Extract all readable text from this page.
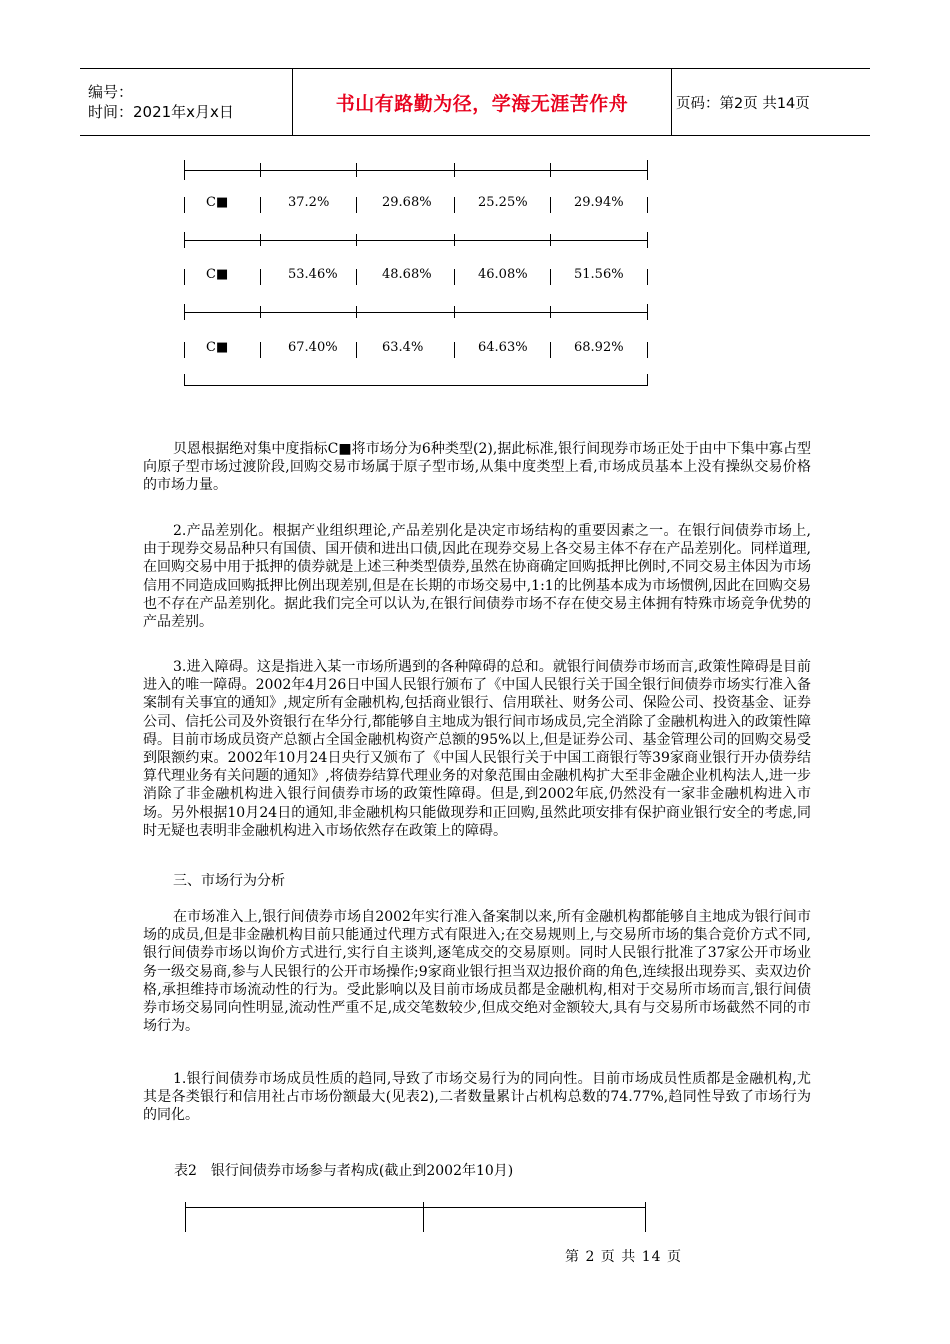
编号：
时间：2021年x月x日	书山有路勤为径，学海无涯苦作舟	页码：第2页 共14页
C■	37.2%	29.68%	25.25%	29.94%
C■	53.46%	48.68%	46.08%	51.56%
C■	67.40%	63.4%	64.63%	68.92%

贝恩根据绝对集中度指标C■将市场分为6种类型(2),据此标准,银行间现券市场正处于由中下集中寡占型向原子型市场过渡阶段,回购交易市场属于原子型市场,从集中度类型上看,市场成员基本上没有操纵交易价格的市场力量。

2.产品差别化。根据产业组织理论,产品差别化是决定市场结构的重要因素之一。在银行间债券市场上,由于现券交易品种只有国债、国开债和进出口债,因此在现券交易上各交易主体不存在产品差别化。同样道理,在回购交易中用于抵押的债券就是上述三种类型债券,虽然在协商确定回购抵押比例时,不同交易主体因为市场信用不同造成回购抵押比例出现差别,但是在长期的市场交易中,1:1的比例基本成为市场惯例,因此在回购交易也不存在产品差别化。据此我们完全可以认为,在银行间债券市场不存在使交易主体拥有特殊市场竞争优势的产品差别。

3.进入障碍。这是指进入某一市场所遇到的各种障碍的总和。就银行间债券市场而言,政策性障碍是目前进入的唯一障碍。2002年4月26日中国人民银行颁布了《中国人民银行关于国全银行间债券市场实行准入备案制有关事宜的通知》,规定所有金融机构,包括商业银行、信用联社、财务公司、保险公司、投资基金、证券公司、信托公司及外资银行在华分行,都能够自主地成为银行间市场成员,完全消除了金融机构进入的政策性障碍。目前市场成员资产总额占全国金融机构资产总额的95%以上,但是证券公司、基金管理公司的回购交易受到限额约束。2002年10月24日央行又颁布了《中国人民银行关于中国工商银行等39家商业银行开办债券结算代理业务有关问题的通知》,将债券结算代理业务的对象范围由金融机构扩大至非金融企业机构法人,进一步消除了非金融机构进入银行间债券市场的政策性障碍。但是,到2002年底,仍然没有一家非金融机构进入市场。另外根据10月24日的通知,非金融机构只能做现券和正回购,虽然此项安排有保护商业银行安全的考虑,同时无疑也表明非金融机构进入市场依然存在政策上的障碍。

三、市场行为分析

在市场准入上,银行间债券市场自2002年实行准入备案制以来,所有金融机构都能够自主地成为银行间市场的成员,但是非金融机构目前只能通过代理方式有限进入;在交易规则上,与交易所市场的集合竞价方式不同,银行间债券市场以询价方式进行,实行自主谈判,逐笔成交的交易原则。同时人民银行批准了37家公开市场业务一级交易商,参与人民银行的公开市场操作;9家商业银行担当双边报价商的角色,连续报出现券买、卖双边价格,承担维持市场流动性的行为。受此影响以及目前市场成员都是金融机构,相对于交易所市场而言,银行间债券市场交易同向性明显,流动性严重不足,成交笔数较少,但成交绝对金额较大,具有与交易所市场截然不同的市场行为。

1.银行间债券市场成员性质的趋同,导致了市场交易行为的同向性。目前市场成员性质都是金融机构,尤其是各类银行和信用社占市场份额最大(见表2),二者数量累计占机构总数的74.77%,趋同性导致了市场行为的同化。

表2　银行间债券市场参与者构成(截止到2002年10月)
第 2 页 共 14 页
